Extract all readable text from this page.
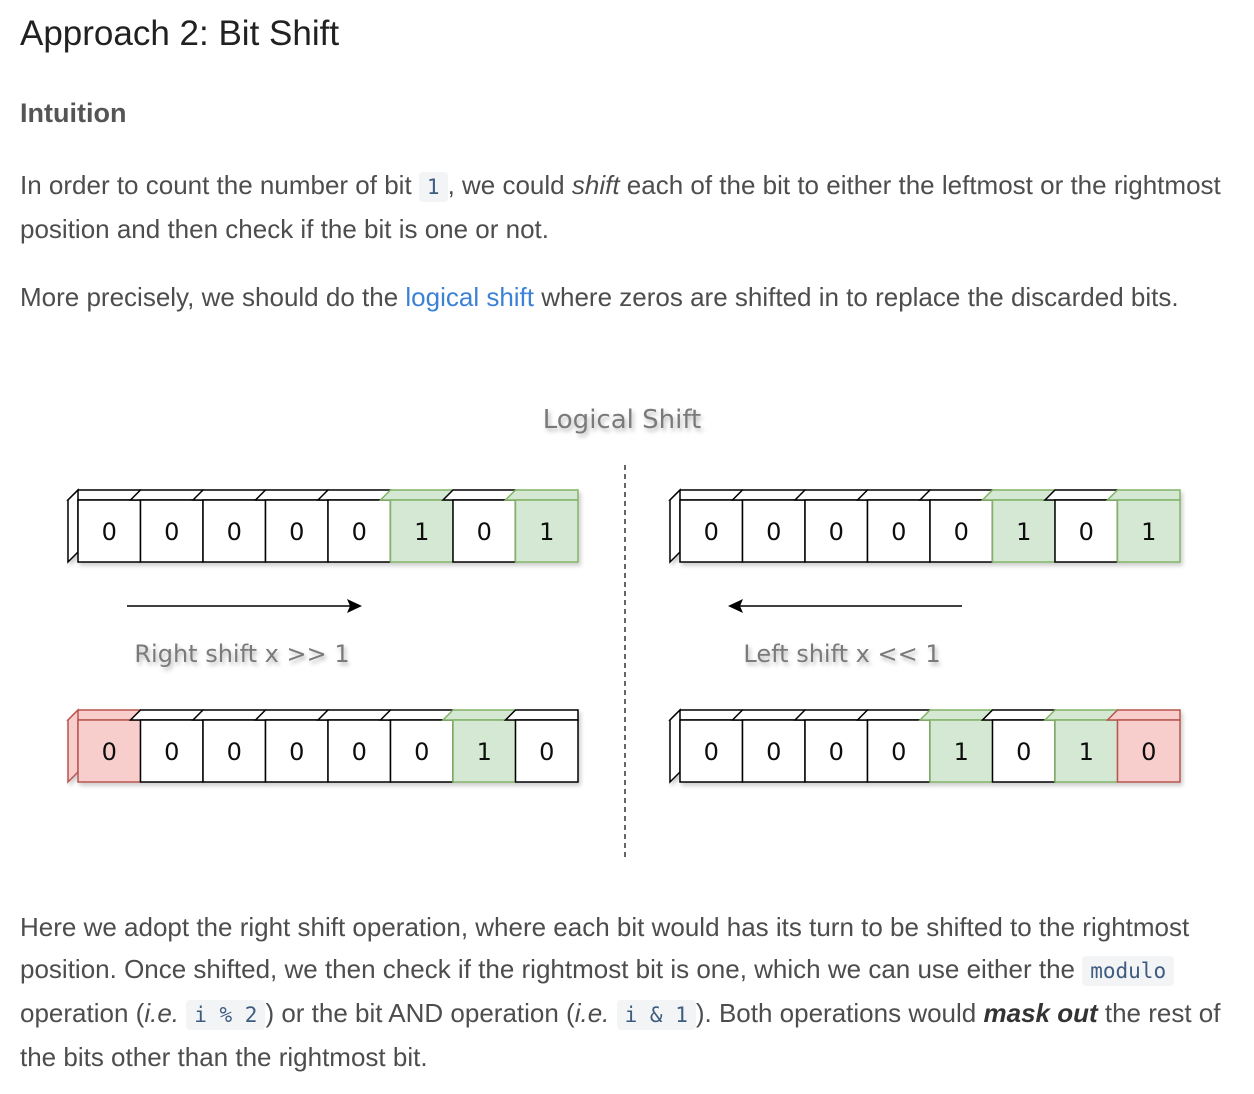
Approach 2: Bit Shift
Intuition

In order to count the number of bit 1 , we could shift each of the bit to either the leftmost or the rightmost position and then check if the bit is one or not.

More precisely, we should do the logical shift where zeros are shifted in to replace the discarded bits.

Here we adopt the right shift operation, where each bit would has its turn to be shifted to the rightmost position. Once shifted, we then check if the rightmost bit is one, which we can use either the modulo operation (i.e. i % 2 ) or the bit AND operation (i.e. i & 1 ). Both operations would mask out the rest of the bits other than the rightmost bit.

Logical Shift
Right shift x >> 1	Left shift x << 1
0 0 0 0 0 1 0 1
0 0 0 0 0 0 1 0
0 0 0 0 0 1 0 1
0 0 0 0 1 0 1 0
